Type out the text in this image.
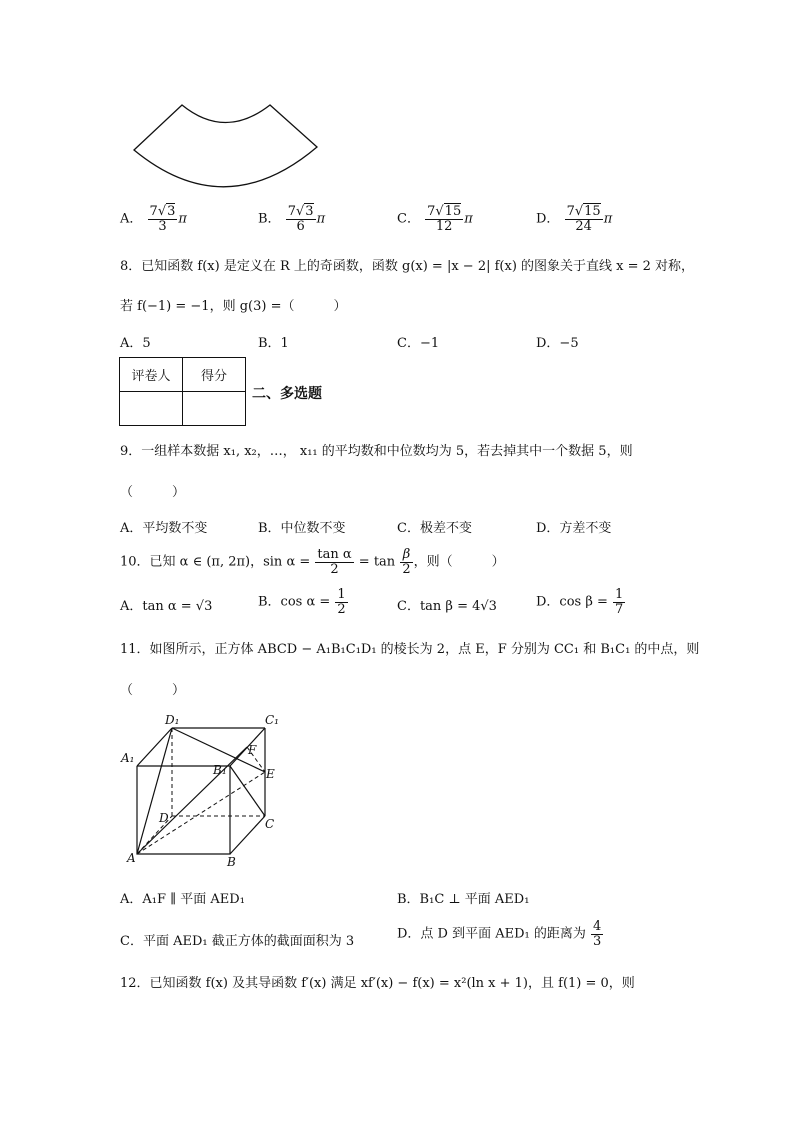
A． $\frac{7√3}{3}$ π	B． $\frac{7√3}{6}$ π	C． $\frac{7√15}{12}$ π	D． $\frac{7√15}{24}$ π
8．已知函数 f(x) 是定义在 R 上的奇函数，函数 g(x) = |x − 2| f(x) 的图象关于直线 x = 2 对称，
若 f(−1) = −1，则 g(3) =（　　　）
A．5	B．1	C．−1	D．−5
评卷人	得分

二、多选题
9．一组样本数据 x₁, x₂，…， x₁₁ 的平均数和中位数均为 5，若去掉其中一个数据 5，则
（　　　）
A．平均数不变	B．中位数不变	C．极差不变	D．方差不变
10．已知 α ∈ (π, 2π)，$\sin \alpha = \frac{\text{tan α}}{2} = \tan \frac{\beta}{2}$ ，则（　　　）
A．tan α = √3	B．$\cos \alpha = \frac{1}{2}$	C．tan β = 4√3	D．$\cos \beta = \frac{1}{7}$
11．如图所示，正方体 ABCD − A₁B₁C₁D₁ 的棱长为 2，点 E，F 分别为 CC₁ 和 B₁C₁ 的中点，则
（　　　）
D₁	C₁
A₁
B₁
F
E
D	C
A	B
A．A₁F ∥ 平面 AED₁	B．B₁C ⊥ 平面 AED₁
C．平面 AED₁ 截正方体的截面面积为 3	D．点 D 到平面 AED₁ 的距离为 $\frac{4}{3}$
12．已知函数 f(x) 及其导函数 f′(x) 满足 xf′(x) − f(x) = x²(ln x + 1)，且 f(1) = 0，则
